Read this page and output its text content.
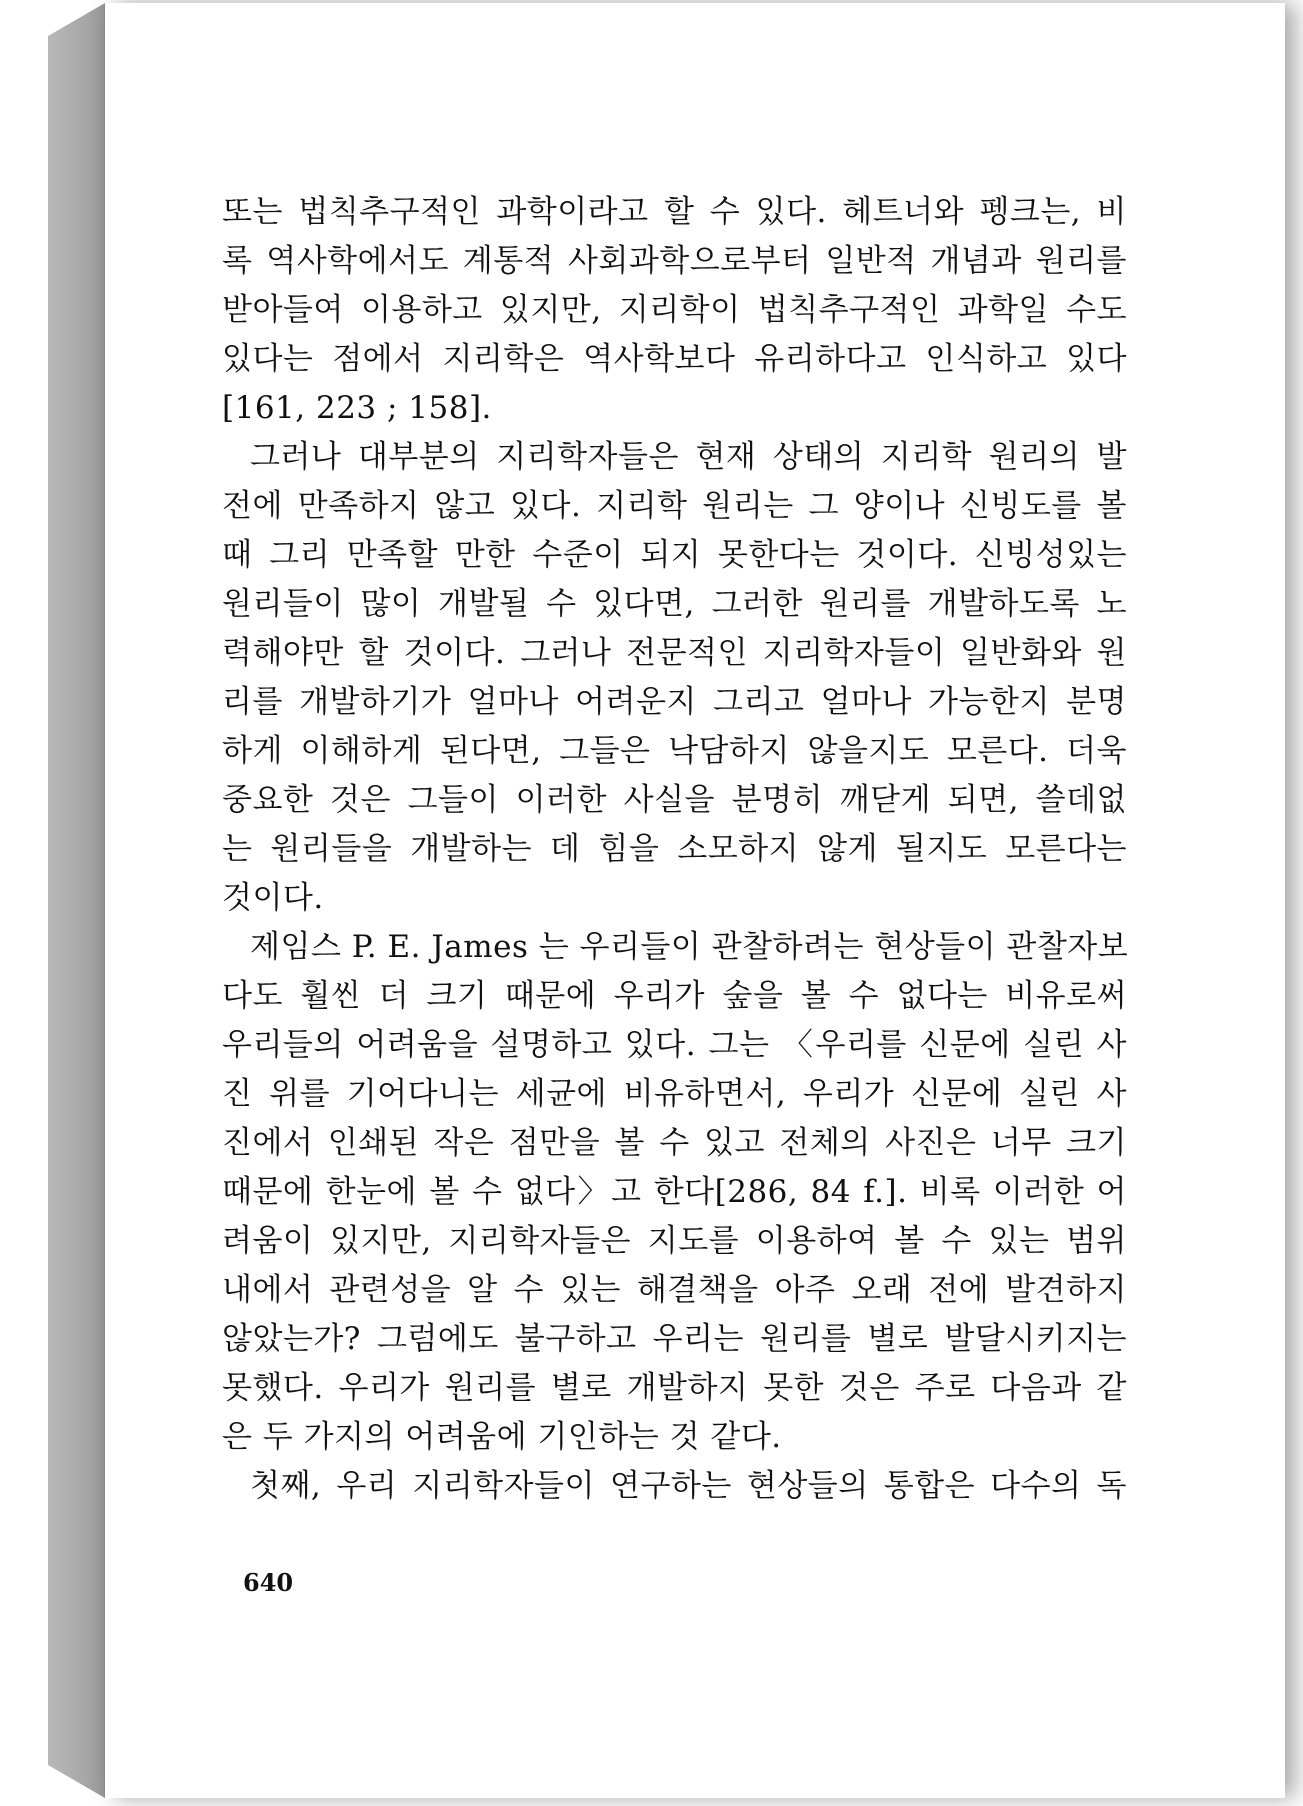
또는 법칙추구적인 과학이라고 할 수 있다. 헤트너와 펭크는, 비
록 역사학에서도 계통적 사회과학으로부터 일반적 개념과 원리를
받아들여 이용하고 있지만, 지리학이 법칙추구적인 과학일 수도
있다는 점에서 지리학은 역사학보다 유리하다고 인식하고 있다
[161, 223 ; 158].
그러나 대부분의 지리학자들은 현재 상태의 지리학 원리의 발
전에 만족하지 않고 있다. 지리학 원리는 그 양이나 신빙도를 볼
때 그리 만족할 만한 수준이 되지 못한다는 것이다. 신빙성있는
원리들이 많이 개발될 수 있다면, 그러한 원리를 개발하도록 노
력해야만 할 것이다. 그러나 전문적인 지리학자들이 일반화와 원
리를 개발하기가 얼마나 어려운지 그리고 얼마나 가능한지 분명
하게 이해하게 된다면, 그들은 낙담하지 않을지도 모른다. 더욱
중요한 것은 그들이 이러한 사실을 분명히 깨닫게 되면, 쓸데없
는 원리들을 개발하는 데 힘을 소모하지 않게 될지도 모른다는
것이다.
제임스 P. E. James 는 우리들이 관찰하려는 현상들이 관찰자보
다도 훨씬 더 크기 때문에 우리가 숲을 볼 수 없다는 비유로써
우리들의 어려움을 설명하고 있다. 그는 〈우리를 신문에 실린 사
진 위를 기어다니는 세균에 비유하면서, 우리가 신문에 실린 사
진에서 인쇄된 작은 점만을 볼 수 있고 전체의 사진은 너무 크기
때문에 한눈에 볼 수 없다〉고 한다[286, 84 f.]. 비록 이러한 어
려움이 있지만, 지리학자들은 지도를 이용하여 볼 수 있는 범위
내에서 관련성을 알 수 있는 해결책을 아주 오래 전에 발견하지
않았는가? 그럼에도 불구하고 우리는 원리를 별로 발달시키지는
못했다. 우리가 원리를 별로 개발하지 못한 것은 주로 다음과 같
은 두 가지의 어려움에 기인하는 것 같다.
첫째, 우리 지리학자들이 연구하는 현상들의 통합은 다수의 독
640
